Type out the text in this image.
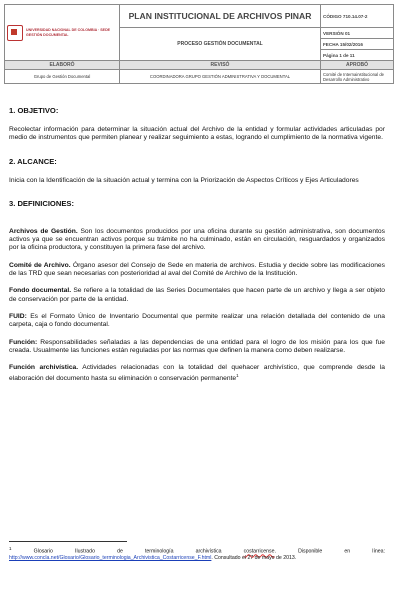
UNIVERSIDAD NACIONAL DE COLOMBIA · SEDE GESTIÓN DOCUMENTAL	PLAN INSTITUCIONAL DE ARCHIVOS PINAR	CÓDIGO 710.14.07-2
	PROCESO GESTIÓN DOCUMENTAL	VERSIÓN 01
		FECHA 15/02/2016
		Página 1 de 11
ELABORÓ	REVISÓ	APROBÓ
Grupo de Gestión Documental	COORDINADORA GRUPO GESTIÓN ADMINISTRATIVA Y DOCUMENTAL	Comité de Internainstitucional de Desarrollo Administrativo

1. OBJETIVO:

Recolectar información para determinar la situación actual del Archivo de la entidad y formular actividades articuladas por medio de instrumentos que permiten planear y realizar seguimiento a estas, logrando el cumplimiento de la normativa vigente.

2. ALCANCE:

Inicia con la Identificación de la situación actual y termina con la Priorización de Aspectos Críticos y Ejes Articuladores

3. DEFINICIONES:

Archivos de Gestión. Son los documentos producidos por una oficina durante su gestión administrativa, son documentos activos ya que se encuentran activos porque su trámite no ha culminado, están en circulación, resguardados y organizados por la oficina productora, y constituyen la primera fase del archivo.

Comité de Archivo. Órgano asesor del Consejo de Sede en materia de archivos. Estudia y decide sobre las modificaciones de las TRD que sean necesarias con posterioridad al aval del Comité de Archivo de la Institución.

Fondo documental. Se refiere a la totalidad de las Series Documentales que hacen parte de un archivo y llega a ser objeto de conservación por parte de la entidad.

FUID: Es el Formato Único de Inventario Documental que permite realizar una relación detallada del contenido de una carpeta, caja o fondo documental.

Función: Responsabilidades señaladas a las dependencias de una entidad para el logro de los misión para los que fue creada. Usualmente las funciones están reguladas por las normas que definen la manera como deben realizarse.

Función archivística. Actividades relacionadas con la totalidad del quehacer archivístico, que comprende desde la elaboración del documento hasta su eliminación o conservación permanente$^1$

$^1$ Glosario Ilustrado de terminología archivística costarricense. Disponible en línea: http://www.concla.net/Glosario/Glosario_terminologia_Archivistica_Costarricense_F.html. Consultado el 27 de mayo de 2013.
